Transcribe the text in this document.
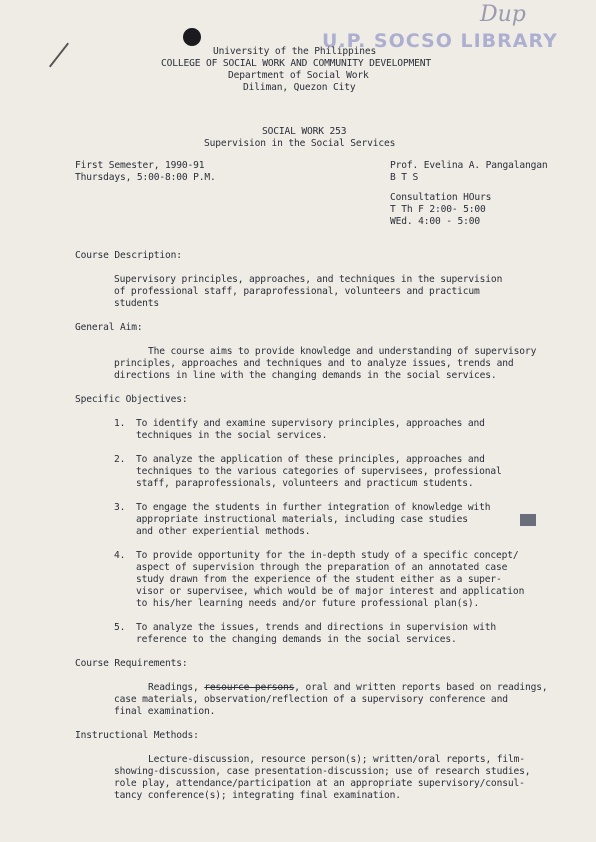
U.P. SOCSO LIBRARY
Dup
University of the Philippines
COLLEGE OF SOCIAL WORK AND COMMUNITY DEVELOPMENT
Department of Social Work
Diliman, Quezon City
SOCIAL WORK 253
Supervision in the Social Services
First Semester, 1990-91
Thursdays, 5:00-8:00 P.M.
Prof. Evelina A. Pangalangan
B T S
Consultation HOurs
T Th F 2:00- 5:00
WEd. 4:00 - 5:00
Course Description:
Supervisory principles, approaches, and techniques in the supervision
of professional staff, paraprofessional, volunteers and practicum
students
General Aim:
The course aims to provide knowledge and understanding of supervisory
principles, approaches and techniques and to analyze issues, trends and
directions in line with the changing demands in the social services.
Specific Objectives:
1. To identify and examine supervisory principles, approaches and
techniques in the social services.
2. To analyze the application of these principles, approaches and
techniques to the various categories of supervisees, professional
staff, paraprofessionals, volunteers and practicum students.
3. To engage the students in further integration of knowledge with
appropriate instructional materials, including case studies
and other experiential methods.
███
4. To provide opportunity for the in-depth study of a specific concept/
aspect of supervision through the preparation of an annotated case
study drawn from the experience of the student either as a super-
visor or supervisee, which would be of major interest and application
to his/her learning needs and/or future professional plan(s).
5. To analyze the issues, trends and directions in supervision with
reference to the changing demands in the social services.
Course Requirements:
Readings, resource persons, oral and written reports based on readings,
case materials, observation/reflection of a supervisory conference and
final examination.
Instructional Methods:
Lecture-discussion, resource person(s); written/oral reports, film-
showing-discussion, case presentation-discussion; use of research studies,
role play, attendance/participation at an appropriate supervisory/consul-
tancy conference(s); integrating final examination.
